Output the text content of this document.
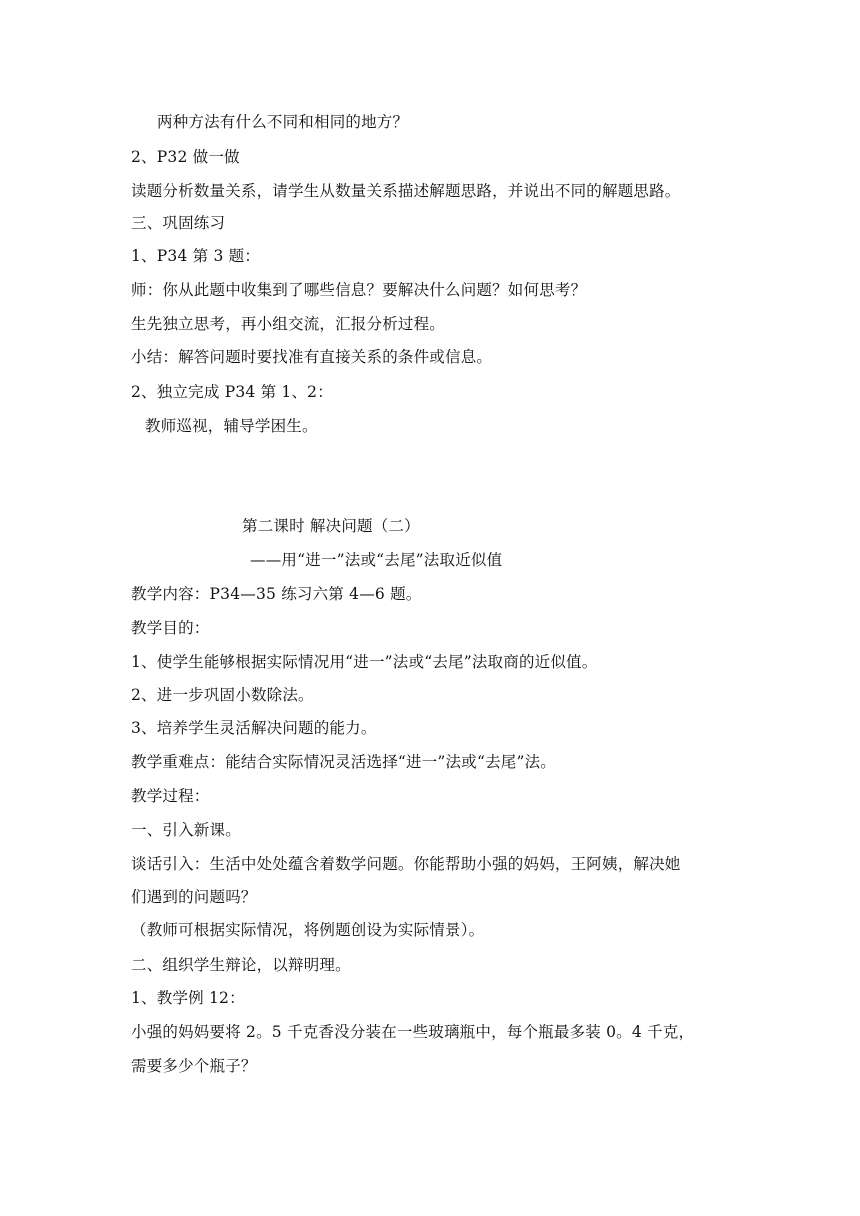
两种方法有什么不同和相同的地方？
2、P32 做一做
读题分析数量关系，请学生从数量关系描述解题思路，并说出不同的解题思路。
三、巩固练习
1、P34 第 3 题：
师：你从此题中收集到了哪些信息？要解决什么问题？如何思考？
生先独立思考，再小组交流，汇报分析过程。
小结：解答问题时要找准有直接关系的条件或信息。
2、独立完成 P34 第 1、2：
教师巡视，辅导学困生。
第二课时 解决问题（二）
——用“进一”法或“去尾”法取近似值
教学内容：P34—35 练习六第 4—6 题。
教学目的：
1、使学生能够根据实际情况用“进一”法或“去尾”法取商的近似值。
2、进一步巩固小数除法。
3、培养学生灵活解决问题的能力。
教学重难点：能结合实际情况灵活选择“进一”法或“去尾”法。
教学过程：
一、引入新课。
谈话引入：生活中处处蕴含着数学问题。你能帮助小强的妈妈，王阿姨，解决她
们遇到的问题吗？
（教师可根据实际情况，将例题创设为实际情景）。
二、组织学生辩论，以辩明理。
1、教学例 12：
小强的妈妈要将 2。5 千克香没分装在一些玻璃瓶中，每个瓶最多装 0。4 千克，
需要多少个瓶子？
